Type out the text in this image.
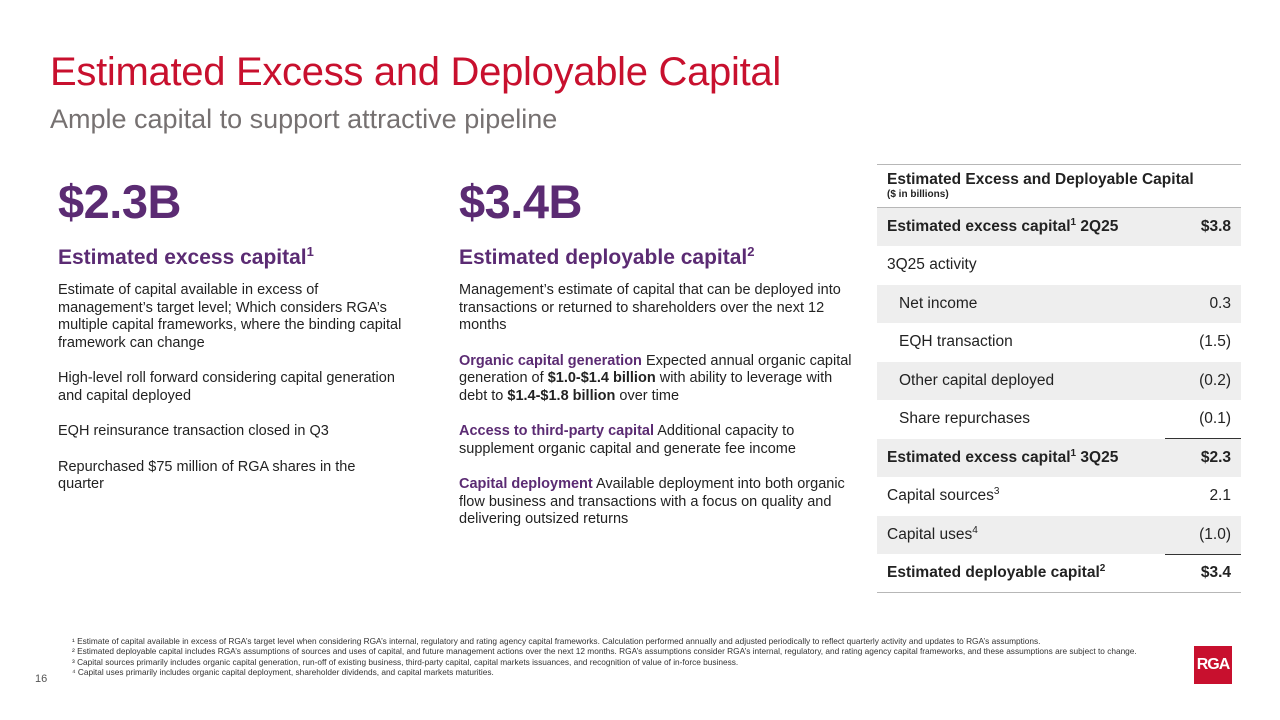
Estimated Excess and Deployable Capital
Ample capital to support attractive pipeline
$2.3B
Estimated excess capital$^1$
Estimate of capital available in excess of management’s target level; Which considers RGA’s multiple capital frameworks, where the binding capital framework can change
High-level roll forward considering capital generation and capital deployed
EQH reinsurance transaction closed in Q3
Repurchased $75 million of RGA shares in the quarter
$3.4B
Estimated deployable capital$^2$
Management’s estimate of capital that can be deployed into transactions or returned to shareholders over the next 12 months
Organic capital generation Expected annual organic capital generation of $1.0-$1.4 billion with ability to leverage with debt to $1.4-$1.8 billion over time
Access to third-party capital Additional capacity to supplement organic capital and generate fee income
Capital deployment Available deployment into both organic flow business and transactions with a focus on quality and delivering outsized returns
Estimated Excess and Deployable Capital
($ in billions)	

Estimated excess capital$^1$ 2Q25	$3.8
3Q25 activity	
Net income	0.3
EQH transaction	(1.5)
Other capital deployed	(0.2)
Share repurchases	(0.1)
Estimated excess capital$^1$ 3Q25	$2.3
Capital sources$^3$	2.1
Capital uses$^4$	(1.0)
Estimated deployable capital$^2$	$3.4
¹ Estimate of capital available in excess of RGA’s target level when considering RGA’s internal, regulatory and rating agency capital frameworks. Calculation performed annually and adjusted periodically to reflect quarterly activity and updates to RGA’s assumptions.
² Estimated deployable capital includes RGA’s assumptions of sources and uses of capital, and future management actions over the next 12 months. RGA’s assumptions consider RGA’s internal, regulatory, and rating agency capital frameworks, and these assumptions are subject to change.
³ Capital sources primarily includes organic capital generation, run-off of existing business, third-party capital, capital markets issuances, and recognition of value of in-force business.
⁴ Capital uses primarily includes organic capital deployment, shareholder dividends, and capital markets maturities.
16
RGA
